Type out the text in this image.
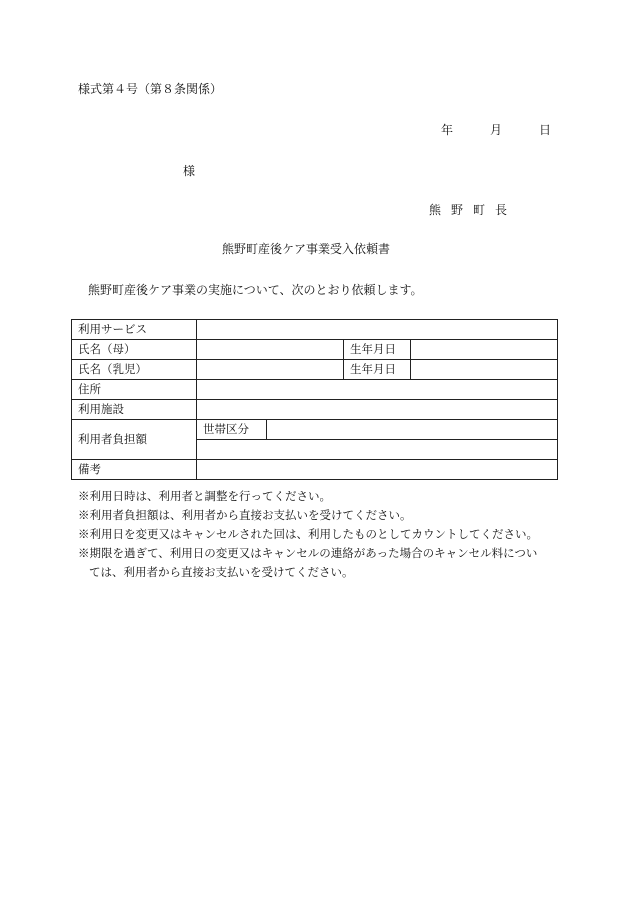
様式第４号（第８条関係）
年	月	日
様
熊野町長
熊野町産後ケア事業受入依頼書
熊野町産後ケア事業の実施について、次のとおり依頼します。
利用サービス				
氏名（母）			生年月日	
氏名（乳児）			生年月日	
住所				
利用施設				
利用者負担額	世帯区分			

備考				
※利用日時は、利用者と調整を行ってください。
※利用者負担額は、利用者から直接お支払いを受けてください。
※利用日を変更又はキャンセルされた回は、利用したものとしてカウントしてください。
※期限を過ぎて、利用日の変更又はキャンセルの連絡があった場合のキャンセル料につい
ては、利用者から直接お支払いを受けてください。
